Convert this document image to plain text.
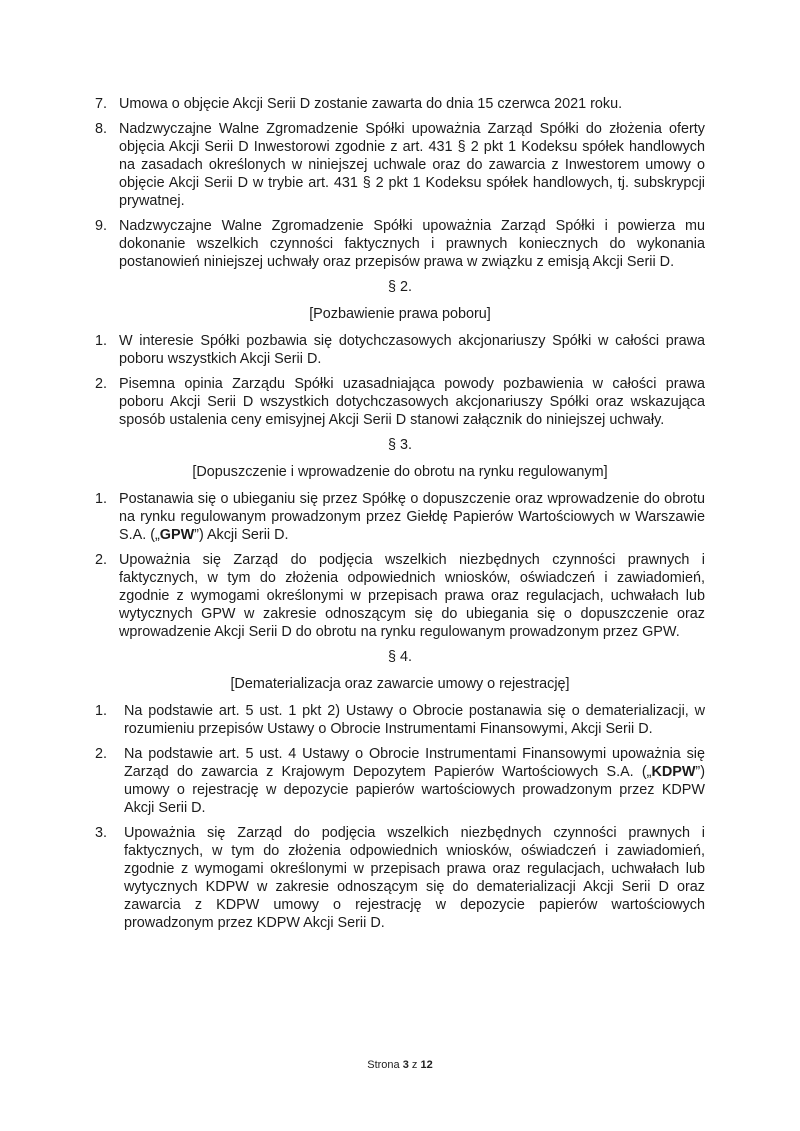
7. Umowa o objęcie Akcji Serii D zostanie zawarta do dnia 15 czerwca 2021 roku.
8. Nadzwyczajne Walne Zgromadzenie Spółki upoważnia Zarząd Spółki do złożenia oferty objęcia Akcji Serii D Inwestorowi zgodnie z art. 431 § 2 pkt 1 Kodeksu spółek handlowych na zasadach określonych w niniejszej uchwale oraz do zawarcia z Inwestorem umowy o objęcie Akcji Serii D w trybie art. 431 § 2 pkt 1 Kodeksu spółek handlowych, tj. subskrypcji prywatnej.
9. Nadzwyczajne Walne Zgromadzenie Spółki upoważnia Zarząd Spółki i powierza mu dokonanie wszelkich czynności faktycznych i prawnych koniecznych do wykonania postanowień niniejszej uchwały oraz przepisów prawa w związku z emisją Akcji Serii D.
§ 2.
[Pozbawienie prawa poboru]
1. W interesie Spółki pozbawia się dotychczasowych akcjonariuszy Spółki w całości prawa poboru wszystkich Akcji Serii D.
2. Pisemna opinia Zarządu Spółki uzasadniająca powody pozbawienia w całości prawa poboru Akcji Serii D wszystkich dotychczasowych akcjonariuszy Spółki oraz wskazująca sposób ustalenia ceny emisyjnej Akcji Serii D stanowi załącznik do niniejszej uchwały.
§ 3.
[Dopuszczenie i wprowadzenie do obrotu na rynku regulowanym]
1. Postanawia się o ubieganiu się przez Spółkę o dopuszczenie oraz wprowadzenie do obrotu na rynku regulowanym prowadzonym przez Giełdę Papierów Wartościowych w Warszawie S.A. („GPW”) Akcji Serii D.
2. Upoważnia się Zarząd do podjęcia wszelkich niezbędnych czynności prawnych i faktycznych, w tym do złożenia odpowiednich wniosków, oświadczeń i zawiadomień, zgodnie z wymogami określonymi w przepisach prawa oraz regulacjach, uchwałach lub wytycznych GPW w zakresie odnoszącym się do ubiegania się o dopuszczenie oraz wprowadzenie Akcji Serii D do obrotu na rynku regulowanym prowadzonym przez GPW.
§ 4.
[Dematerializacja oraz zawarcie umowy o rejestrację]
1. Na podstawie art. 5 ust. 1 pkt 2) Ustawy o Obrocie postanawia się o dematerializacji, w rozumieniu przepisów Ustawy o Obrocie Instrumentami Finansowymi, Akcji Serii D.
2. Na podstawie art. 5 ust. 4 Ustawy o Obrocie Instrumentami Finansowymi upoważnia się Zarząd do zawarcia z Krajowym Depozytem Papierów Wartościowych S.A. („KDPW”) umowy o rejestrację w depozycie papierów wartościowych prowadzonym przez KDPW Akcji Serii D.
3. Upoważnia się Zarząd do podjęcia wszelkich niezbędnych czynności prawnych i faktycznych, w tym do złożenia odpowiednich wniosków, oświadczeń i zawiadomień, zgodnie z wymogami określonymi w przepisach prawa oraz regulacjach, uchwałach lub wytycznych KDPW w zakresie odnoszącym się do dematerializacji Akcji Serii D oraz zawarcia z KDPW umowy o rejestrację w depozycie papierów wartościowych prowadzonym przez KDPW Akcji Serii D.
Strona 3 z 12
